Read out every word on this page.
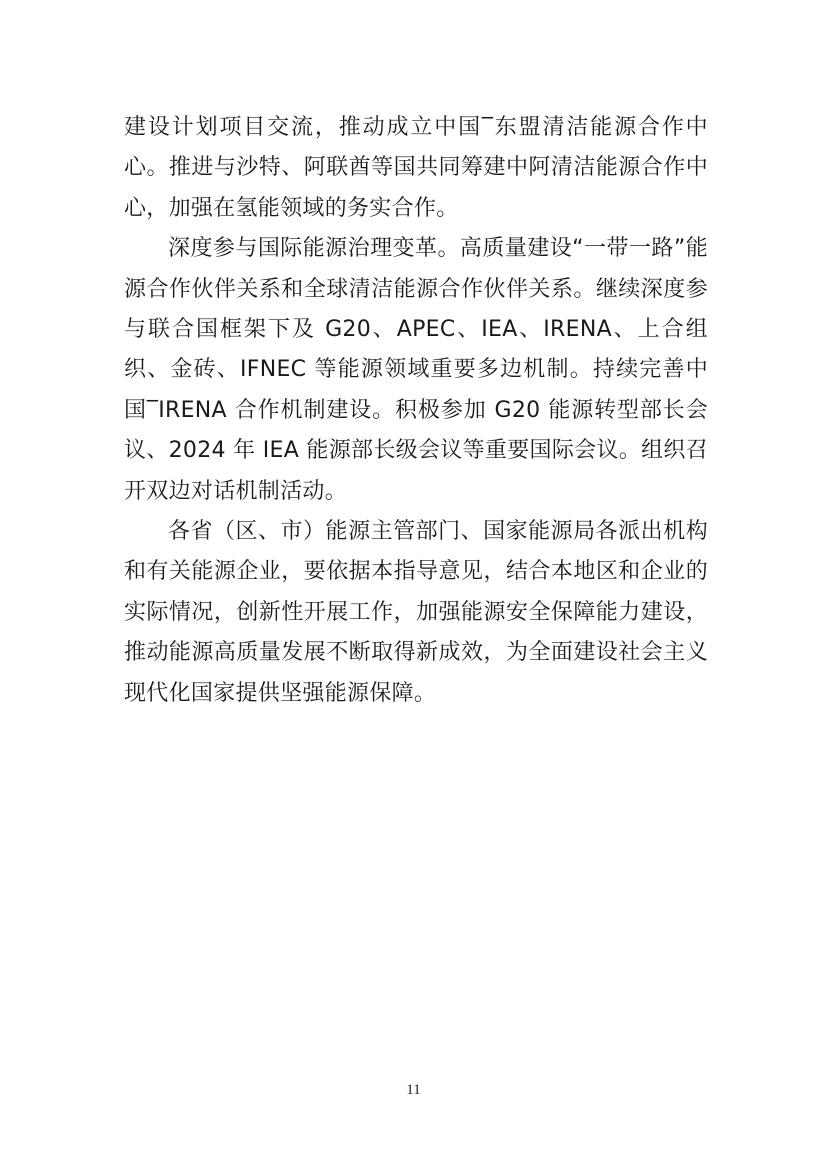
建设计划项目交流，推动成立中国‾东盟清洁能源合作中心。推进与沙特、阿联酋等国共同筹建中阿清洁能源合作中心，加强在氢能领域的务实合作。

深度参与国际能源治理变革。高质量建设“一带一路”能源合作伙伴关系和全球清洁能源合作伙伴关系。继续深度参与联合国框架下及 G20、APEC、IEA、IRENA、上合组织、金砖、IFNEC 等能源领域重要多边机制。持续完善中国‾IRENA 合作机制建设。积极参加 G20 能源转型部长会议、2024 年 IEA 能源部长级会议等重要国际会议。组织召开双边对话机制活动。

各省（区、市）能源主管部门、国家能源局各派出机构和有关能源企业，要依据本指导意见，结合本地区和企业的实际情况，创新性开展工作，加强能源安全保障能力建设，推动能源高质量发展不断取得新成效，为全面建设社会主义现代化国家提供坚强能源保障。

11
